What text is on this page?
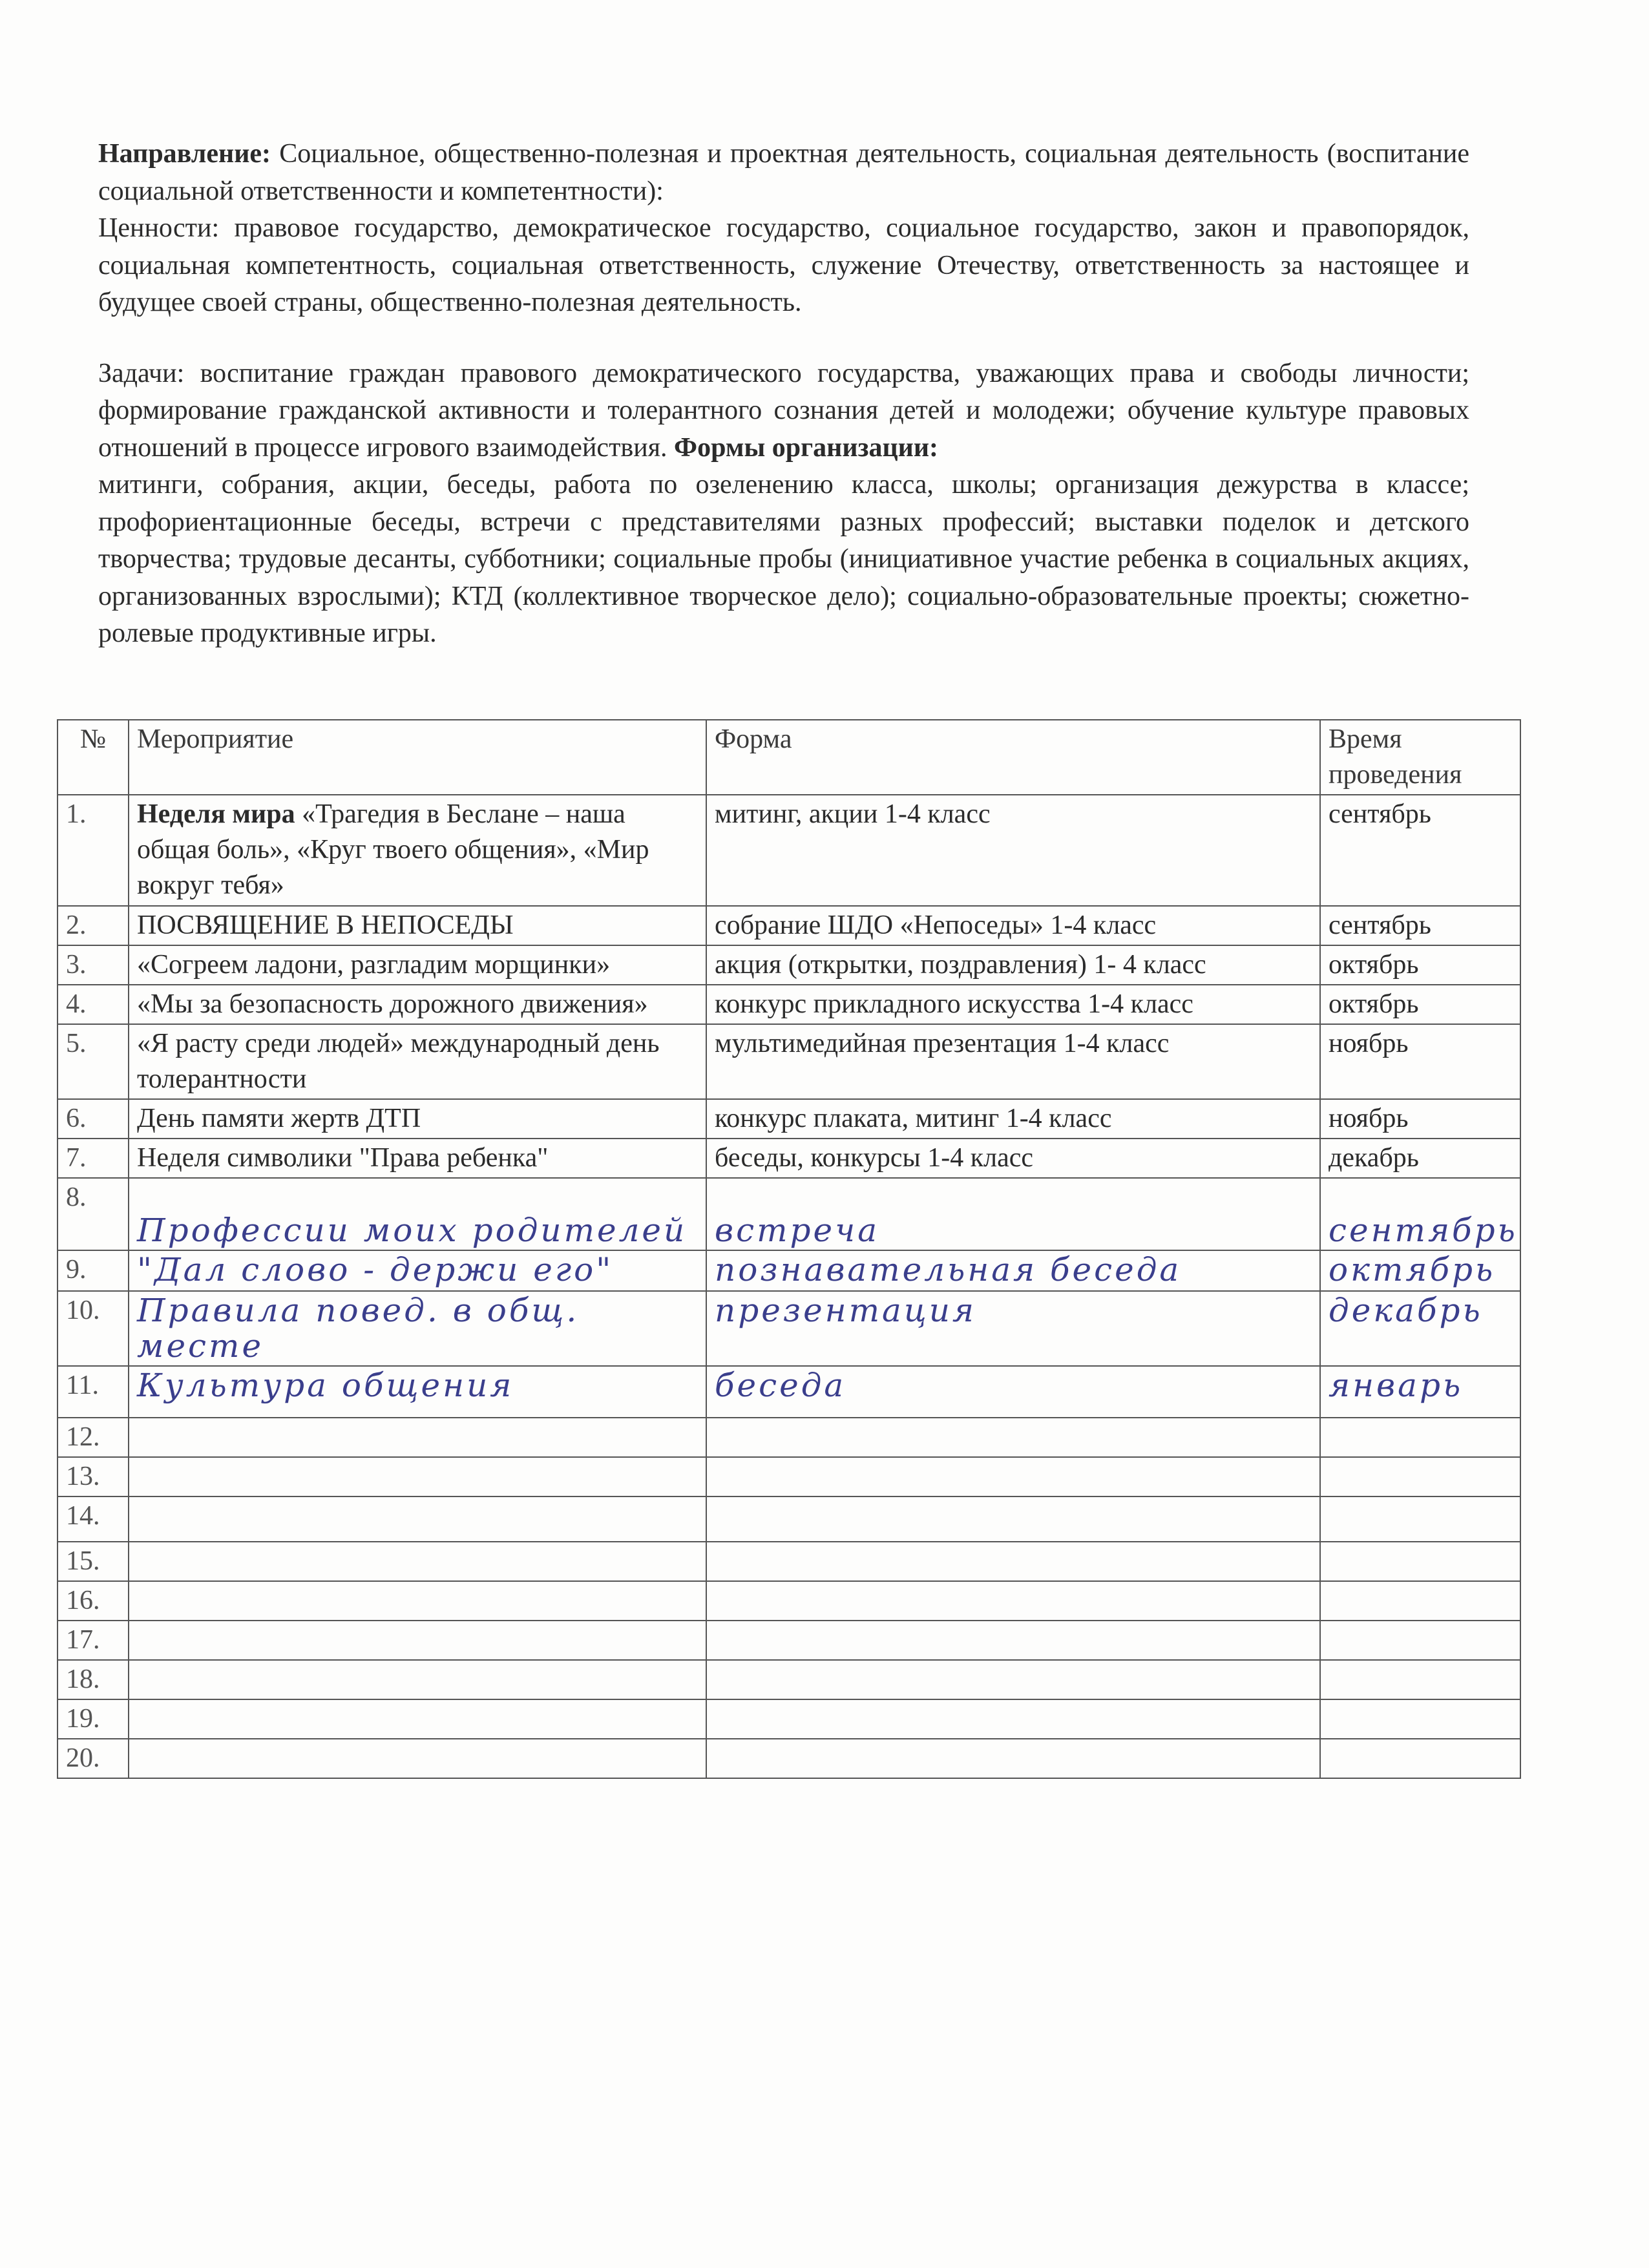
Направление: Социальное, общественно-полезная и проектная деятельность, социальная деятельность (воспитание социальной ответственности и компетентности):

Ценности: правовое государство, демократическое государство, социальное государство, закон и правопорядок, социальная компетентность, социальная ответственность, служение Отечеству, ответственность за настоящее и будущее своей страны, общественно-полезная деятельность.

Задачи: воспитание граждан правового демократического государства, уважающих права и свободы личности; формирование гражданской активности и толерантного сознания детей и молодежи; обучение культуре правовых отношений в процессе игрового взаимодействия. Формы организации:

митинги, собрания, акции, беседы, работа по озеленению класса, школы; организация дежурства в классе; профориентационные беседы, встречи с представителями разных профессий; выставки поделок и детского творчества; трудовые десанты, субботники; социальные пробы (инициативное участие ребенка в социальных акциях, организованных взрослыми); КТД (коллективное творческое дело); социально-образовательные проекты; сюжетно-ролевые продуктивные игры.

№	Мероприятие	Форма	Время проведения
1.	Неделя мира «Трагедия в Беслане – наша общая боль», «Круг твоего общения», «Мир вокруг тебя»	митинг, акции 1-4 класс	сентябрь
2.	ПОСВЯЩЕНИЕ В НЕПОСЕДЫ	собрание ШДО «Непоседы» 1-4 класс	сентябрь
3.	«Согреем ладони, разгладим морщинки»	акция (открытки, поздравления) 1- 4 класс	октябрь
4.	«Мы за безопасность дорожного движения»	конкурс прикладного искусства 1-4 класс	октябрь
5.	«Я расту среди людей» международный день толерантности	мультимедийная презентация 1-4 класс	ноябрь
6.	День памяти жертв ДТП	конкурс плаката, митинг 1-4 класс	ноябрь
7.	Неделя символики "Права ребенка"	беседы, конкурсы 1-4 класс	декабрь
8.	Профессии моих родителей	встреча	сентябрь
9.	"Дал слово - держи его"	познавательная беседа	октябрь
10.	Правила повед. в общ. месте	презентация	декабрь
11.	Культура общения	беседа	январь
12.			
13.			
14.			
15.			
16.			
17.			
18.			
19.			
20.			
